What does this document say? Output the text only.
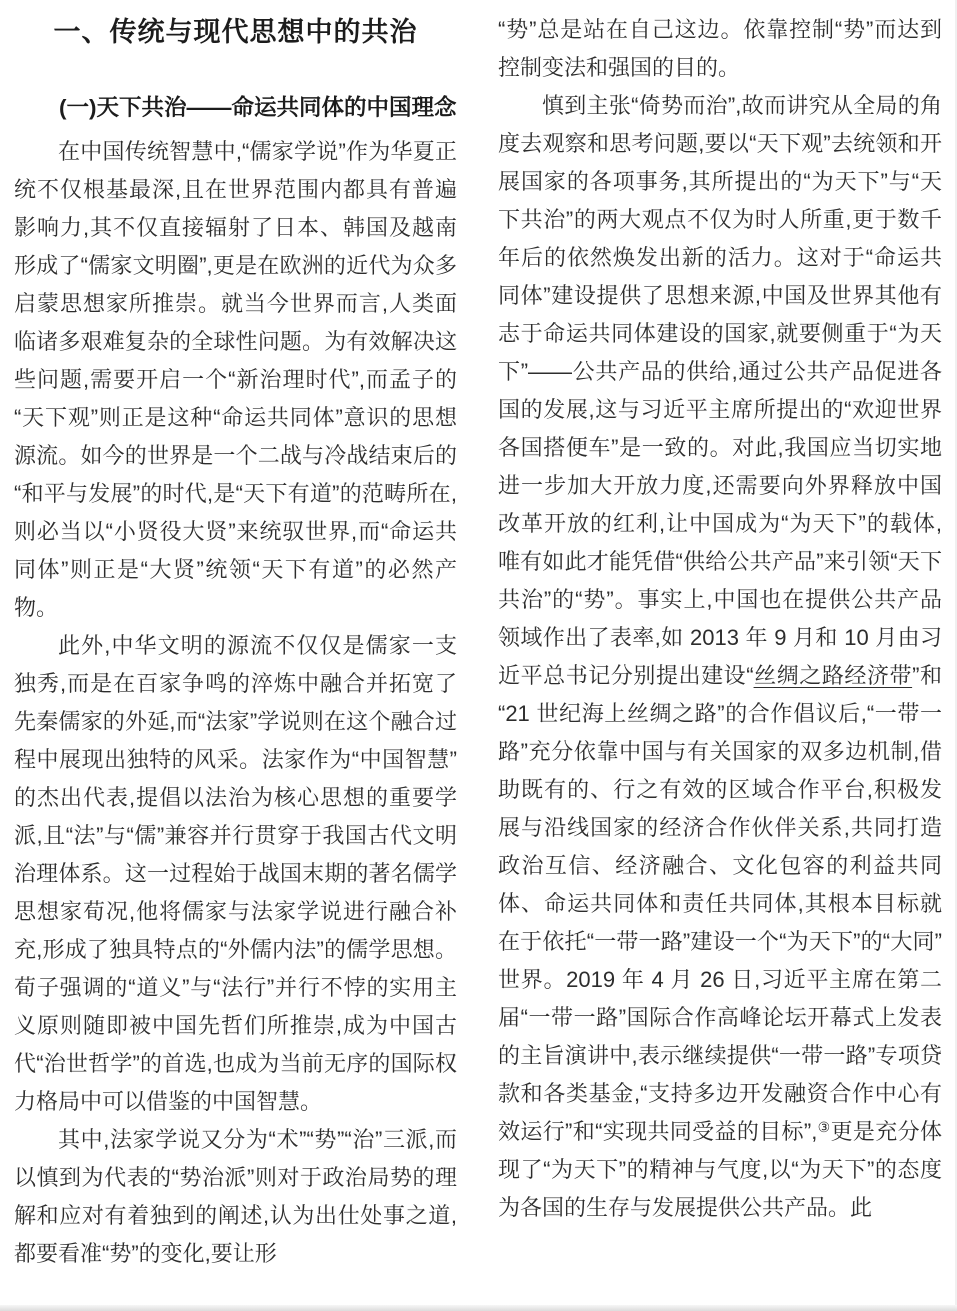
一、传统与现代思想中的共治
(一)天下共治——命运共同体的中国理念

在中国传统智慧中,“儒家学说”作为华夏正统不仅根基最深,且在世界范围内都具有普遍影响力,其不仅直接辐射了日本、韩国及越南形成了“儒家文明圈”,更是在欧洲的近代为众多启蒙思想家所推崇。就当今世界而言,人类面临诸多艰难复杂的全球性问题。为有效解决这些问题,需要开启一个“新治理时代”,而孟子的“天下观”则正是这种“命运共同体”意识的思想源流。如今的世界是一个二战与冷战结束后的“和平与发展”的时代,是“天下有道”的范畴所在,则必当以“小贤役大贤”来统驭世界,而“命运共同体”则正是“大贤”统领“天下有道”的必然产物。

此外,中华文明的源流不仅仅是儒家一支独秀,而是在百家争鸣的淬炼中融合并拓宽了先秦儒家的外延,而“法家”学说则在这个融合过程中展现出独特的风采。法家作为“中国智慧”的杰出代表,提倡以法治为核心思想的重要学派,且“法”与“儒”兼容并行贯穿于我国古代文明治理体系。这一过程始于战国末期的著名儒学思想家荀况,他将儒家与法家学说进行融合补充,形成了独具特点的“外儒内法”的儒学思想。荀子强调的“道义”与“法行”并行不悖的实用主义原则随即被中国先哲们所推崇,成为中国古代“治世哲学”的首选,也成为当前无序的国际权力格局中可以借鉴的中国智慧。

其中,法家学说又分为“术”“势”“治”三派,而以慎到为代表的“势治派”则对于政治局势的理解和应对有着独到的阐述,认为出仕处事之道,都要看准“势”的变化,要让形

“势”总是站在自己这边。依靠控制“势”而达到控制变法和强国的目的。

慎到主张“倚势而治”,故而讲究从全局的角度去观察和思考问题,要以“天下观”去统领和开展国家的各项事务,其所提出的“为天下”与“天下共治”的两大观点不仅为时人所重,更于数千年后的依然焕发出新的活力。这对于“命运共同体”建设提供了思想来源,中国及世界其他有志于命运共同体建设的国家,就要侧重于“为天下”——公共产品的供给,通过公共产品促进各国的发展,这与习近平主席所提出的“欢迎世界各国搭便车”是一致的。对此,我国应当切实地进一步加大开放力度,还需要向外界释放中国改革开放的红利,让中国成为“为天下”的载体,唯有如此才能凭借“供给公共产品”来引领“天下共治”的“势”。事实上,中国也在提供公共产品领域作出了表率,如 2013 年 9 月和 10 月由习近平总书记分别提出建设“丝绸之路经济带”和“21 世纪海上丝绸之路”的合作倡议后,“一带一路”充分依靠中国与有关国家的双多边机制,借助既有的、行之有效的区域合作平台,积极发展与沿线国家的经济合作伙伴关系,共同打造政治互信、经济融合、文化包容的利益共同体、命运共同体和责任共同体,其根本目标就在于依托“一带一路”建设一个“为天下”的“大同”世界。2019 年 4 月 26 日,习近平主席在第二届“一带一路”国际合作高峰论坛开幕式上发表的主旨演讲中,表示继续提供“一带一路”专项贷款和各类基金,“支持多边开发融资合作中心有效运行”和“实现共同受益的目标”,③更是充分体现了“为天下”的精神与气度,以“为天下”的态度为各国的生存与发展提供公共产品。此
